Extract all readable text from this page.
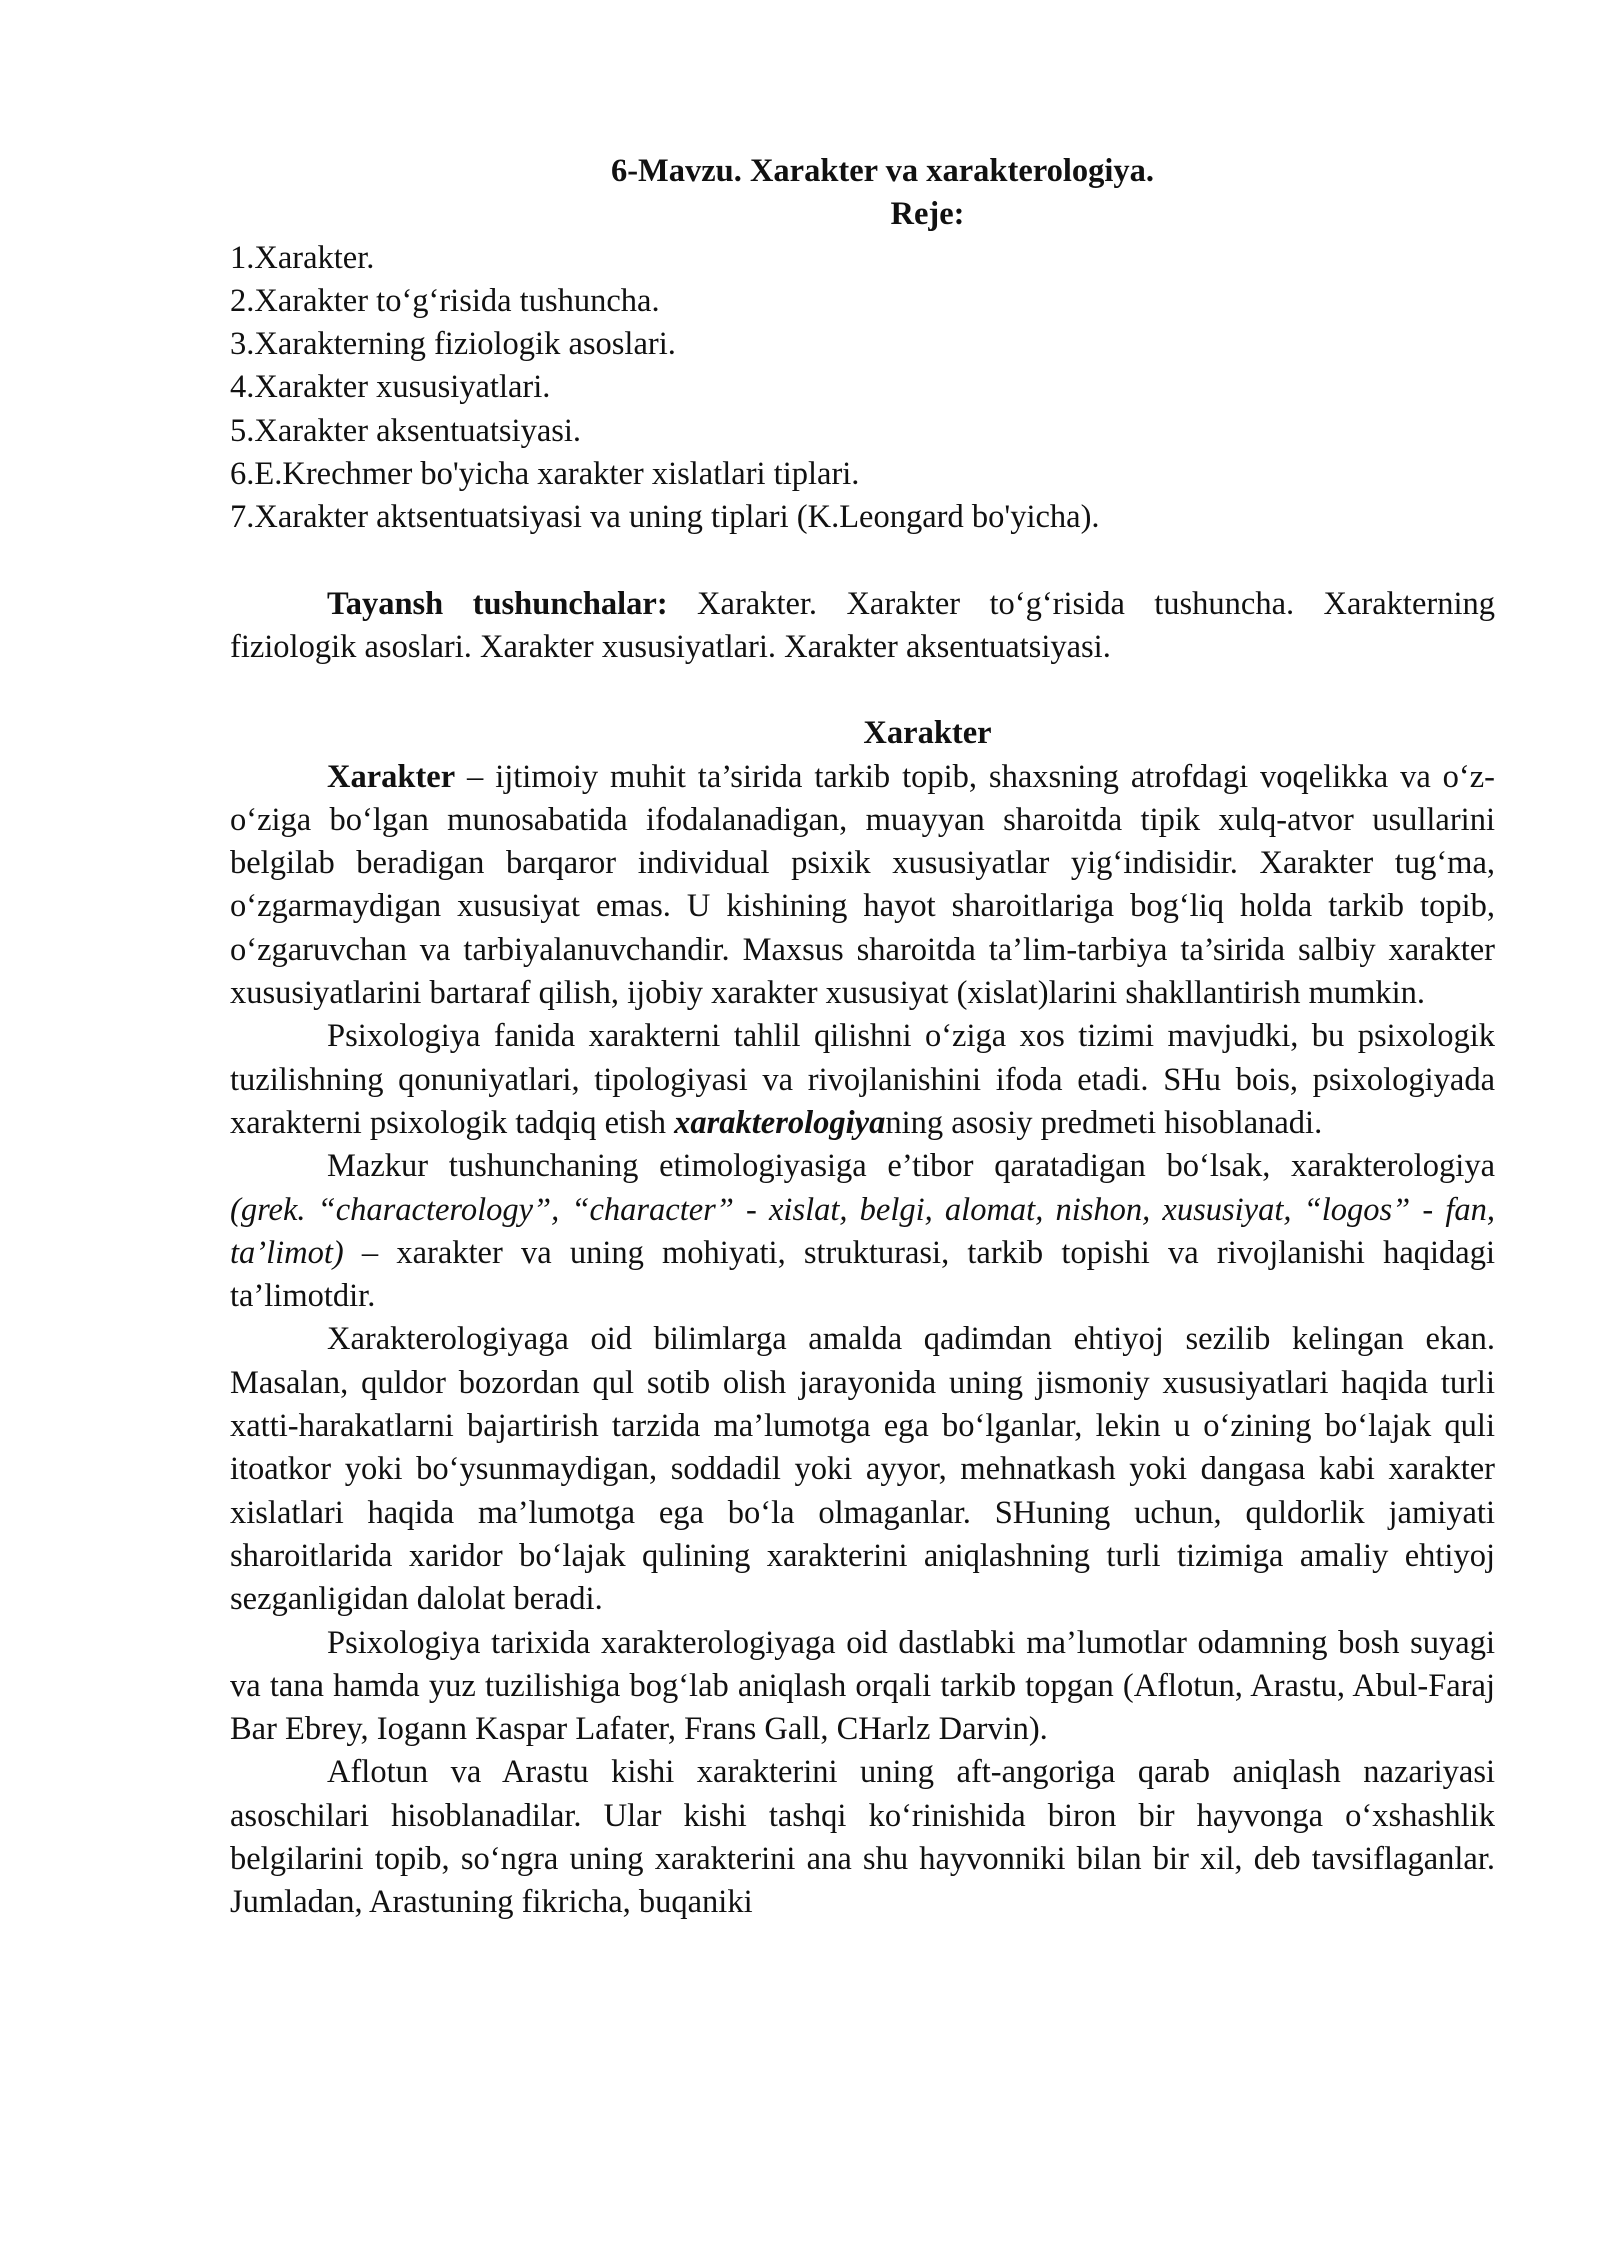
6-Mavzu. Xarakter va xarakterologiya.
Reje:
1.Xarakter.
2.Xarakter to‘g‘risida tushuncha.
3.Xarakterning fiziologik asoslari.
4.Xarakter xususiyatlari.
5.Xarakter aksentuatsiyasi.
6.E.Krechmer bo'yicha xarakter xislatlari tiplari.
7.Xarakter aktsentuatsiyasi va uning tiplari (K.Leongard bo'yicha).

Tayansh tushunchalar: Xarakter. Xarakter to‘g‘risida tushuncha. Xarakterning fiziologik asoslari. Xarakter xususiyatlari. Xarakter aksentuatsiyasi.

Xarakter

Xarakter – ijtimoiy muhit ta’sirida tarkib topib, shaxsning atrofdagi voqelikka va o‘z-o‘ziga bo‘lgan munosabatida ifodalanadigan, muayyan sharoitda tipik xulq-atvor usullarini belgilab beradigan barqaror individual psixik xususiyatlar yig‘indisidir. Xarakter tug‘ma, o‘zgarmaydigan xususiyat emas. U kishining hayot sharoitlariga bog‘liq holda tarkib topib, o‘zgaruvchan va tarbiyalanuvchandir. Maxsus sharoitda ta’lim-tarbiya ta’sirida salbiy xarakter xususiyatlarini bartaraf qilish, ijobiy xarakter xususiyat (xislat)larini shakllantirish mumkin.

Psixologiya fanida xarakterni tahlil qilishni o‘ziga xos tizimi mavjudki, bu psixologik tuzilishning qonuniyatlari, tipologiyasi va rivojlanishini ifoda etadi. SHu bois, psixologiyada xarakterni psixologik tadqiq etish xarakterologiyaning asosiy predmeti hisoblanadi.

Mazkur tushunchaning etimologiyasiga e’tibor qaratadigan bo‘lsak, xarakterologiya (grek. “characterology”, “character” - xislat, belgi, alomat, nishon, xususiyat, “logos” - fan, ta’limot) – xarakter va uning mohiyati, strukturasi, tarkib topishi va rivojlanishi haqidagi ta’limotdir.

Xarakterologiyaga oid bilimlarga amalda qadimdan ehtiyoj sezilib kelingan ekan. Masalan, quldor bozordan qul sotib olish jarayonida uning jismoniy xususiyatlari haqida turli xatti-harakatlarni bajartirish tarzida ma’lumotga ega bo‘lganlar, lekin u o‘zining bo‘lajak quli itoatkor yoki bo‘ysunmaydigan, soddadil yoki ayyor, mehnatkash yoki dangasa kabi xarakter xislatlari haqida ma’lumotga ega bo‘la olmaganlar. SHuning uchun, quldorlik jamiyati sharoitlarida xaridor bo‘lajak qulining xarakterini aniqlashning turli tizimiga amaliy ehtiyoj sezganligidan dalolat beradi.

Psixologiya tarixida xarakterologiyaga oid dastlabki ma’lumotlar odamning bosh suyagi va tana hamda yuz tuzilishiga bog‘lab aniqlash orqali tarkib topgan (Aflotun, Arastu, Abul-Faraj Bar Ebrey, Iogann Kaspar Lafater, Frans Gall, CHarlz Darvin).

Aflotun va Arastu kishi xarakterini uning aft-angoriga qarab aniqlash nazariyasi asoschilari hisoblanadilar. Ular kishi tashqi ko‘rinishida biron bir hayvonga o‘xshashlik belgilarini topib, so‘ngra uning xarakterini ana shu hayvonniki bilan bir xil, deb tavsiflaganlar. Jumladan, Arastuning fikricha, buqaniki
